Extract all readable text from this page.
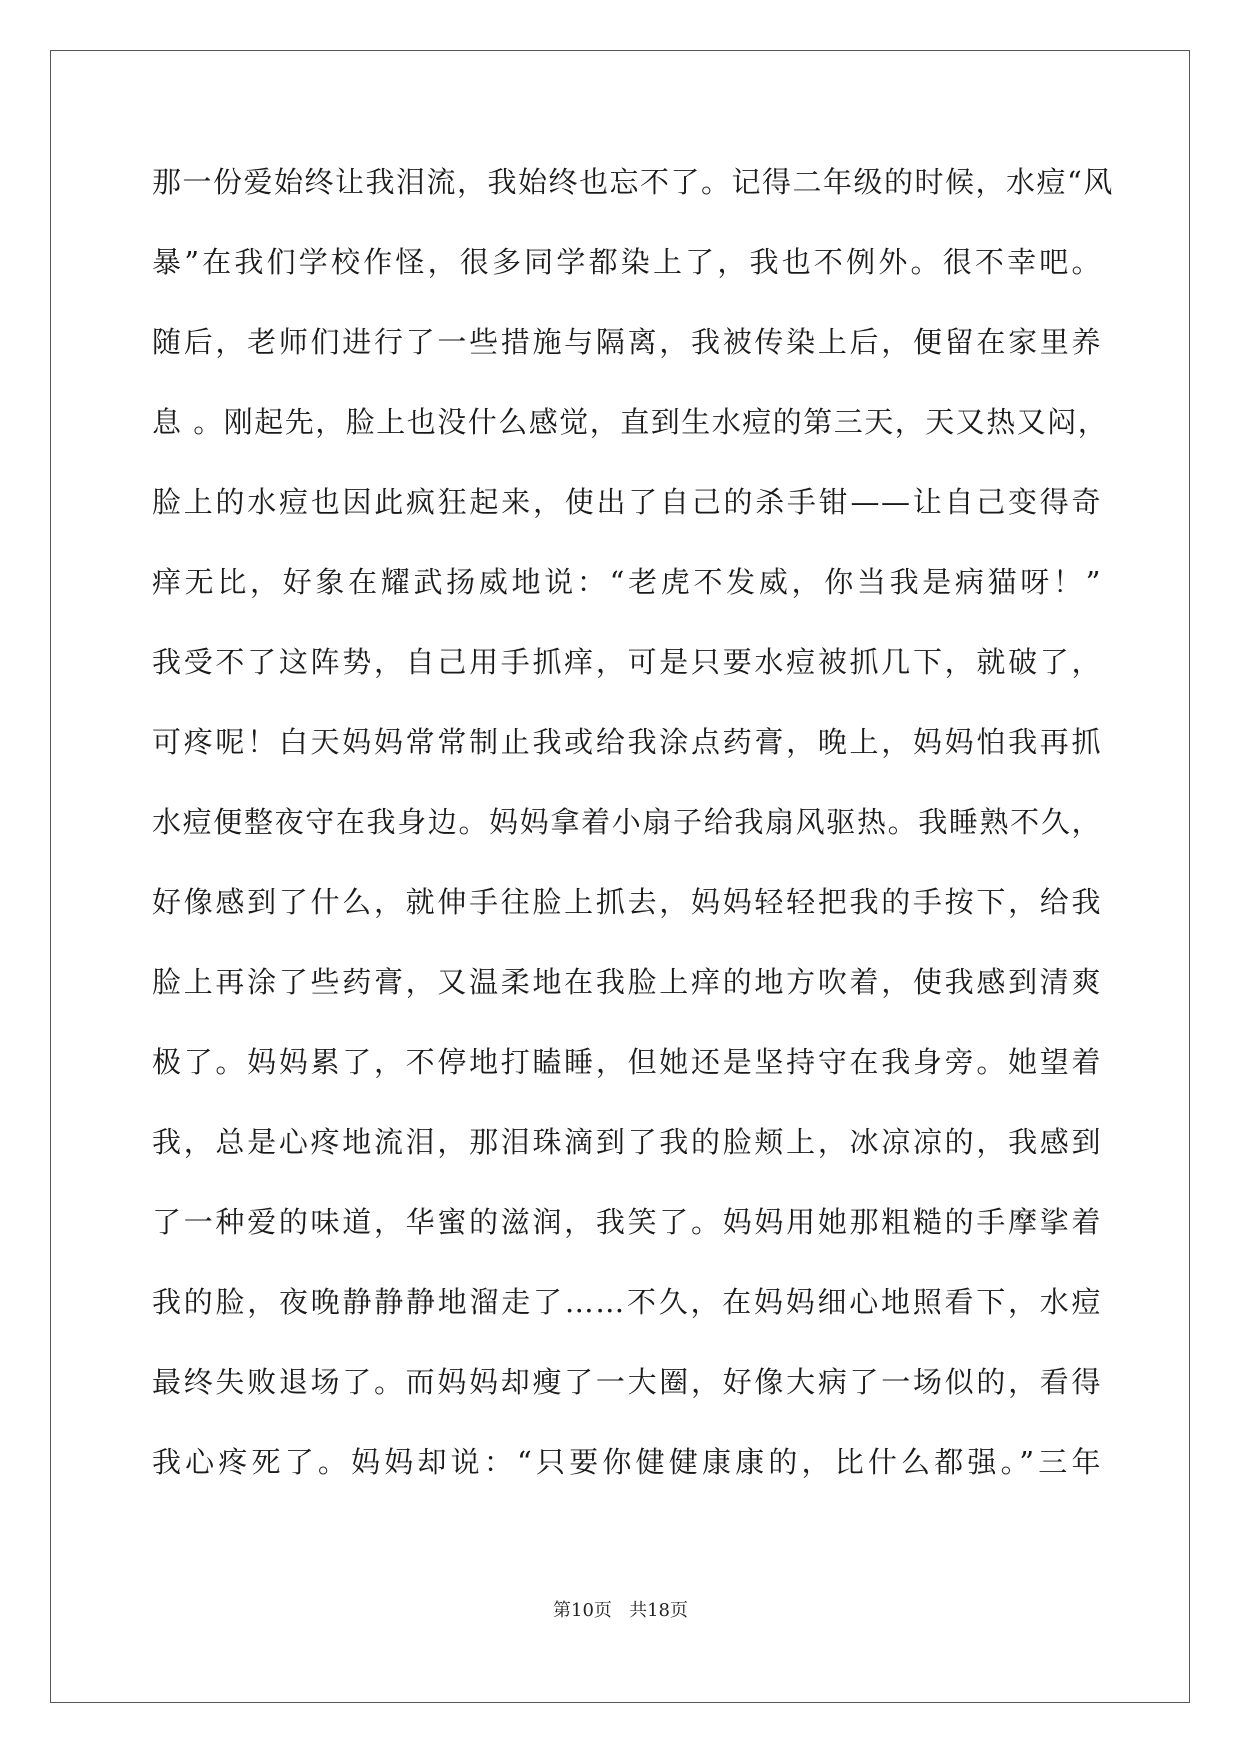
那一份爱始终让我泪流，我始终也忘不了。记得二年级的时候，水痘“风
暴”在我们学校作怪，很多同学都染上了，我也不例外。很不幸吧。
随后，老师们进行了一些措施与隔离，我被传染上后，便留在家里养
息 。刚起先，脸上也没什么感觉，直到生水痘的第三天，天又热又闷，
脸上的水痘也因此疯狂起来，使出了自己的杀手钳——让自己变得奇
痒无比，好象在耀武扬威地说：“老虎不发威，你当我是病猫呀！”
我受不了这阵势，自己用手抓痒，可是只要水痘被抓几下，就破了，
可疼呢！白天妈妈常常制止我或给我涂点药膏，晚上，妈妈怕我再抓
水痘便整夜守在我身边。妈妈拿着小扇子给我扇风驱热。我睡熟不久，
好像感到了什么，就伸手往脸上抓去，妈妈轻轻把我的手按下，给我
脸上再涂了些药膏，又温柔地在我脸上痒的地方吹着，使我感到清爽
极了。妈妈累了，不停地打瞌睡，但她还是坚持守在我身旁。她望着
我，总是心疼地流泪，那泪珠滴到了我的脸颊上，冰凉凉的，我感到
了一种爱的味道，华蜜的滋润，我笑了。妈妈用她那粗糙的手摩挲着
我的脸，夜晚静静静地溜走了……不久，在妈妈细心地照看下，水痘
最终失败退场了。而妈妈却瘦了一大圈，好像大病了一场似的，看得
我心疼死了。妈妈却说：“只要你健健康康的，比什么都强。”三年
第10页 共18页
